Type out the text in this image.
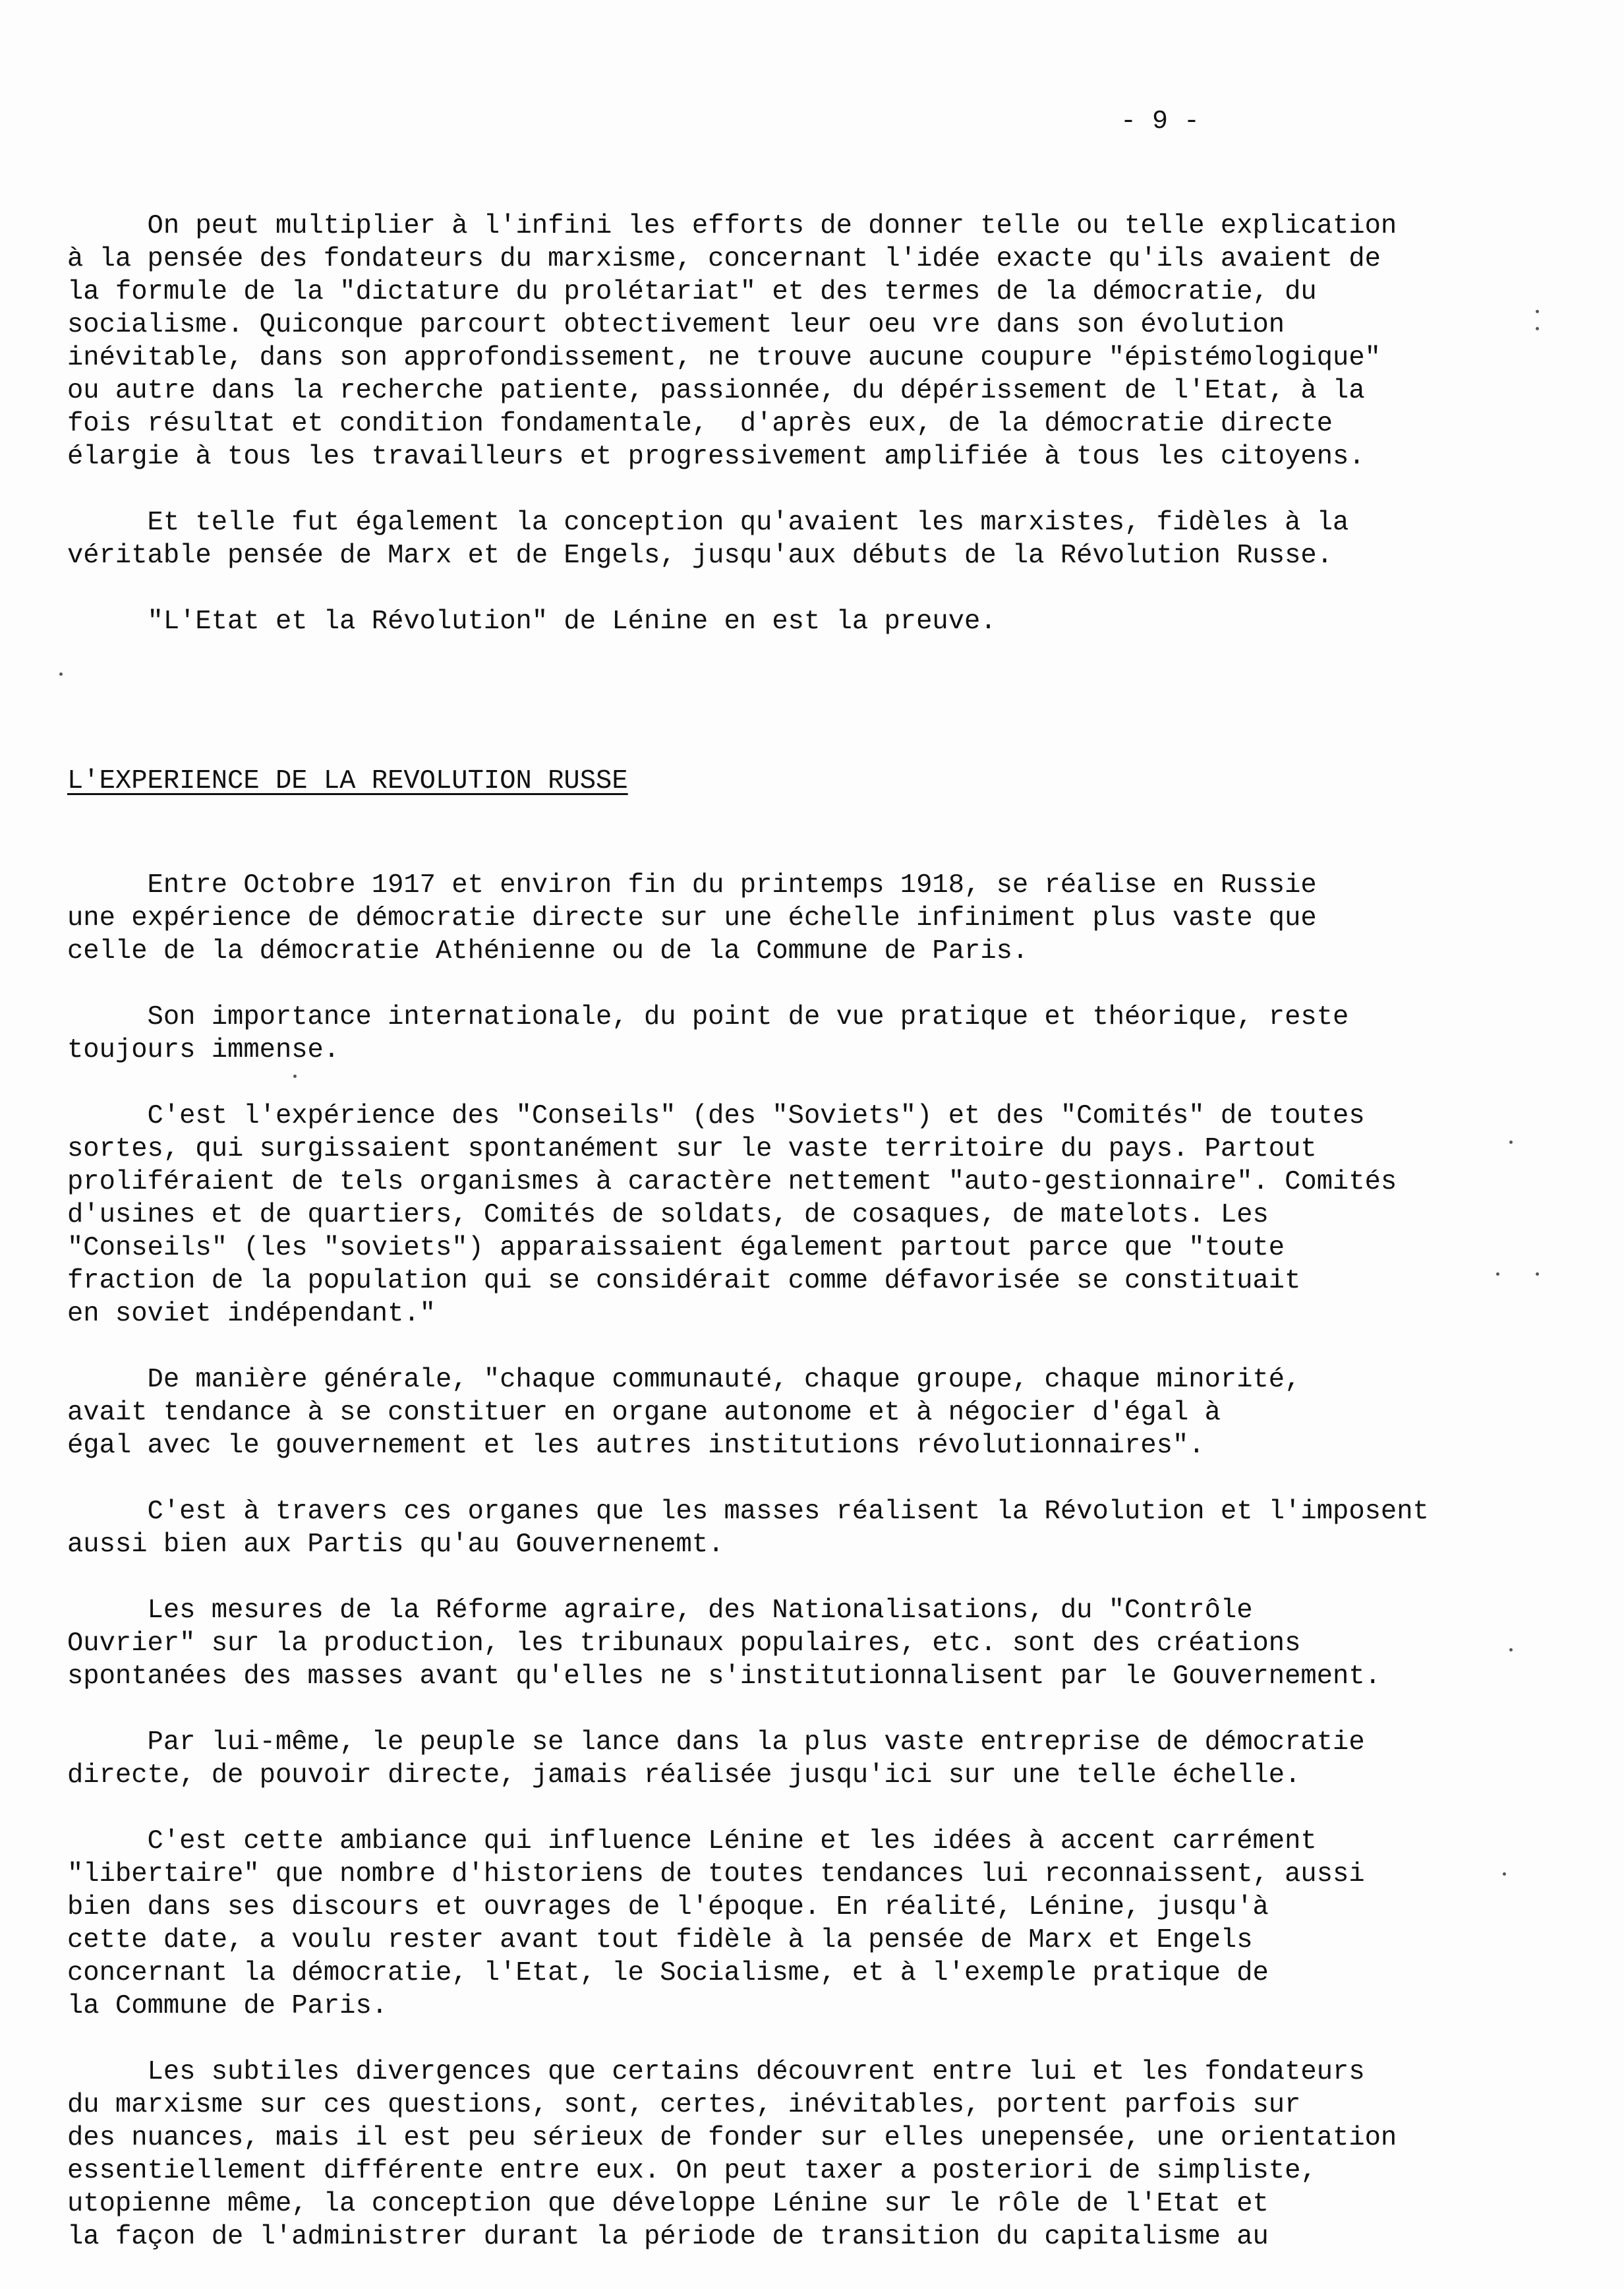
- 9 -

On peut multiplier à l'infini les efforts de donner telle ou telle explication

à la pensée des fondateurs du marxisme, concernant l'idée exacte qu'ils avaient de

la formule de la "dictature du prolétariat" et des termes de la démocratie, du

socialisme. Quiconque parcourt obtectivement leur oeu vre dans son évolution

inévitable, dans son approfondissement, ne trouve aucune coupure "épistémologique"

ou autre dans la recherche patiente, passionnée, du dépérissement de l'Etat, à la

fois résultat et condition fondamentale,  d'après eux, de la démocratie directe

élargie à tous les travailleurs et progressivement amplifiée à tous les citoyens.

Et telle fut également la conception qu'avaient les marxistes, fidèles à la

véritable pensée de Marx et de Engels, jusqu'aux débuts de la Révolution Russe.

"L'Etat et la Révolution" de Lénine en est la preuve.

L'EXPERIENCE DE LA REVOLUTION RUSSE

Entre Octobre 1917 et environ fin du printemps 1918, se réalise en Russie

une expérience de démocratie directe sur une échelle infiniment plus vaste que

celle de la démocratie Athénienne ou de la Commune de Paris.

Son importance internationale, du point de vue pratique et théorique, reste

toujours immense.

C'est l'expérience des "Conseils" (des "Soviets") et des "Comités" de toutes

sortes, qui surgissaient spontanément sur le vaste territoire du pays. Partout

proliféraient de tels organismes à caractère nettement "auto-gestionnaire". Comités

d'usines et de quartiers, Comités de soldats, de cosaques, de matelots. Les

"Conseils" (les "soviets") apparaissaient également partout parce que "toute

fraction de la population qui se considérait comme défavorisée se constituait

en soviet indépendant."

De manière générale, "chaque communauté, chaque groupe, chaque minorité,

avait tendance à se constituer en organe autonome et à négocier d'égal à

égal avec le gouvernement et les autres institutions révolutionnaires".

C'est à travers ces organes que les masses réalisent la Révolution et l'imposent

aussi bien aux Partis qu'au Gouvernenemt.

Les mesures de la Réforme agraire, des Nationalisations, du "Contrôle

Ouvrier" sur la production, les tribunaux populaires, etc. sont des créations

spontanées des masses avant qu'elles ne s'institutionnalisent par le Gouvernement.

Par lui-même, le peuple se lance dans la plus vaste entreprise de démocratie

directe, de pouvoir directe, jamais réalisée jusqu'ici sur une telle échelle.

C'est cette ambiance qui influence Lénine et les idées à accent carrément

"libertaire" que nombre d'historiens de toutes tendances lui reconnaissent, aussi

bien dans ses discours et ouvrages de l'époque. En réalité, Lénine, jusqu'à

cette date, a voulu rester avant tout fidèle à la pensée de Marx et Engels

concernant la démocratie, l'Etat, le Socialisme, et à l'exemple pratique de

la Commune de Paris.

Les subtiles divergences que certains découvrent entre lui et les fondateurs

du marxisme sur ces questions, sont, certes, inévitables, portent parfois sur

des nuances, mais il est peu sérieux de fonder sur elles unepensée, une orientation

essentiellement différente entre eux. On peut taxer a posteriori de simpliste,

utopienne même, la conception que développe Lénine sur le rôle de l'Etat et

la façon de l'administrer durant la période de transition du capitalisme au
